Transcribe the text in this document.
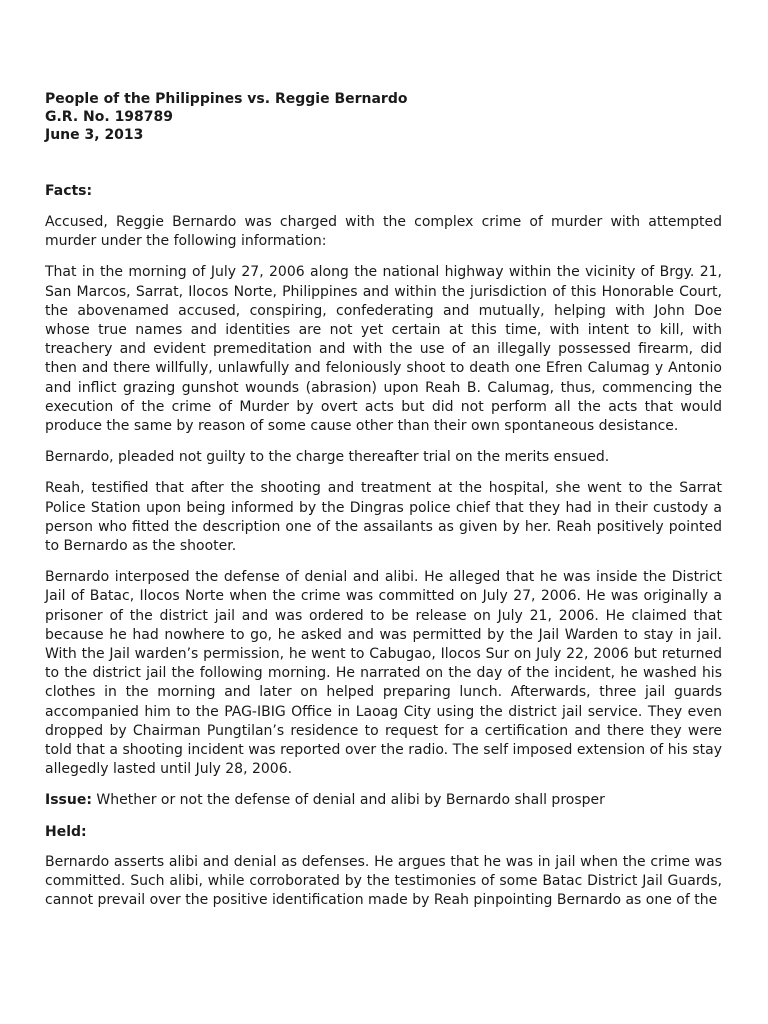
People of the Philippines vs. Reggie Bernardo
G.R. No. 198789
June 3, 2013
Facts:

Accused, Reggie Bernardo was charged with the complex crime of murder with attempted murder under the following information:

That in the morning of July 27, 2006 along the national highway within the vicinity of Brgy. 21, San Marcos, Sarrat, Ilocos Norte, Philippines and within the jurisdiction of this Honorable Court, the abovenamed accused, conspiring, confederating and mutually, helping with John Doe whose true names and identities are not yet certain at this time, with intent to kill, with treachery and evident premeditation and with the use of an illegally possessed firearm, did then and there willfully, unlawfully and feloniously shoot to death one Efren Calumag y Antonio and inflict grazing gunshot wounds (abrasion) upon Reah B. Calumag, thus, commencing the execution of the crime of Murder by overt acts but did not perform all the acts that would produce the same by reason of some cause other than their own spontaneous desistance.

Bernardo, pleaded not guilty to the charge thereafter trial on the merits ensued.

Reah, testified that after the shooting and treatment at the hospital, she went to the Sarrat Police Station upon being informed by the Dingras police chief that they had in their custody a person who fitted the description one of the assailants as given by her. Reah positively pointed to Bernardo as the shooter.

Bernardo interposed the defense of denial and alibi. He alleged that he was inside the District Jail of Batac, Ilocos Norte when the crime was committed on July 27, 2006. He was originally a prisoner of the district jail and was ordered to be release on July 21, 2006. He claimed that because he had nowhere to go, he asked and was permitted by the Jail Warden to stay in jail. With the Jail warden’s permission, he went to Cabugao, Ilocos Sur on July 22, 2006 but returned to the district jail the following morning. He narrated on the day of the incident, he washed his clothes in the morning and later on helped preparing lunch. Afterwards, three jail guards accompanied him to the PAG-IBIG Office in Laoag City using the district jail service. They even dropped by Chairman Pungtilan’s residence to request for a certification and there they were told that a shooting incident was reported over the radio. The self imposed extension of his stay allegedly lasted until July 28, 2006.

Issue: Whether or not the defense of denial and alibi by Bernardo shall prosper

Held:

Bernardo asserts alibi and denial as defenses. He argues that he was in jail when the crime was committed. Such alibi, while corroborated by the testimonies of some Batac District Jail Guards, cannot prevail over the positive identification made by Reah pinpointing Bernardo as one of the
